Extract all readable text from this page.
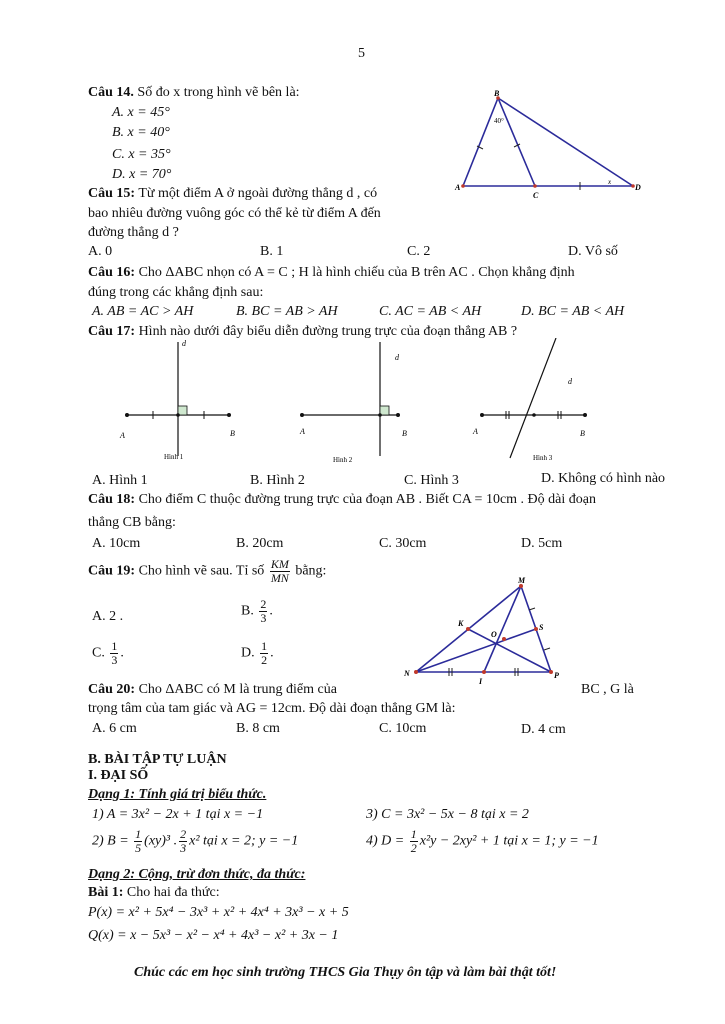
5
Câu 14. Số đo x trong hình vẽ bên là:
A. x = 45°
B. x = 40°
C. x = 35°
D. x = 70°
B
A
C
D
40°
x
Câu 15: Từ một điểm A ở ngoài đường thẳng d , có
bao nhiêu đường vuông góc có thể kẻ từ điểm A đến
đường thẳng d ?
A. 0	B. 1	C. 2	D. Vô số
Câu 16: Cho ΔABC nhọn có A = C ; H là hình chiếu của B trên AC . Chọn khẳng định
đúng trong các khẳng định sau:
A. AB = AC > AH	B. BC = AB > AH	C. AC = AB < AH	D. BC = AB < AH
Câu 17: Hình nào dưới đây biểu diễn đường trung trực của đoạn thẳng AB ?
d
A	B
Hình 1
d
A	B
Hình 2
d
A	B
Hình 3
A. Hình 1	B. Hình 2	C. Hình 3	D. Không có hình nào
Câu 18: Cho điểm C thuộc đường trung trực của đoạn AB . Biết CA = 10cm . Độ dài đoạn
thẳng CB bằng:
A. 10cm	B. 20cm	C. 30cm	D. 5cm
Câu 19: Cho hình vẽ sau. Tỉ số $\frac{KM}{MN}$ bằng:
A. 2 .	B. $\frac{2}{3}$ .
C. $\frac{1}{3}$ .	D. $\frac{1}{2}$ .
M
K
O
S
N
I
P
Câu 20: Cho ΔABC có M là trung điểm của	BC , G là
trọng tâm của tam giác và AG = 12cm. Độ dài đoạn thẳng GM là:
A. 6 cm	B. 8 cm	C. 10cm	D. 4 cm
B. BÀI TẬP TỰ LUẬN
I. ĐẠI SỐ
Dạng 1: Tính giá trị biểu thức.
1) A = 3x² − 2x + 1 tại x = −1	3) C = 3x² − 5x − 8 tại x = 2
2) $B = \frac{1}{5} (xy)^3$ . $\frac{2}{3} x^2$ tại x = 2; y = −1	4) $D = \frac{1}{2} x^2y - 2xy^2 + 1$ tại x = 1; y = −1
Dạng 2: Cộng, trừ đơn thức, đa thức:
Bài 1: Cho hai đa thức:
P(x) = x² + 5x⁴ − 3x³ + x² + 4x⁴ + 3x³ − x + 5
Q(x) = x − 5x³ − x² − x⁴ + 4x³ − x² + 3x − 1
Chúc các em học sinh trường THCS Gia Thụy ôn tập và làm bài thật tốt!
